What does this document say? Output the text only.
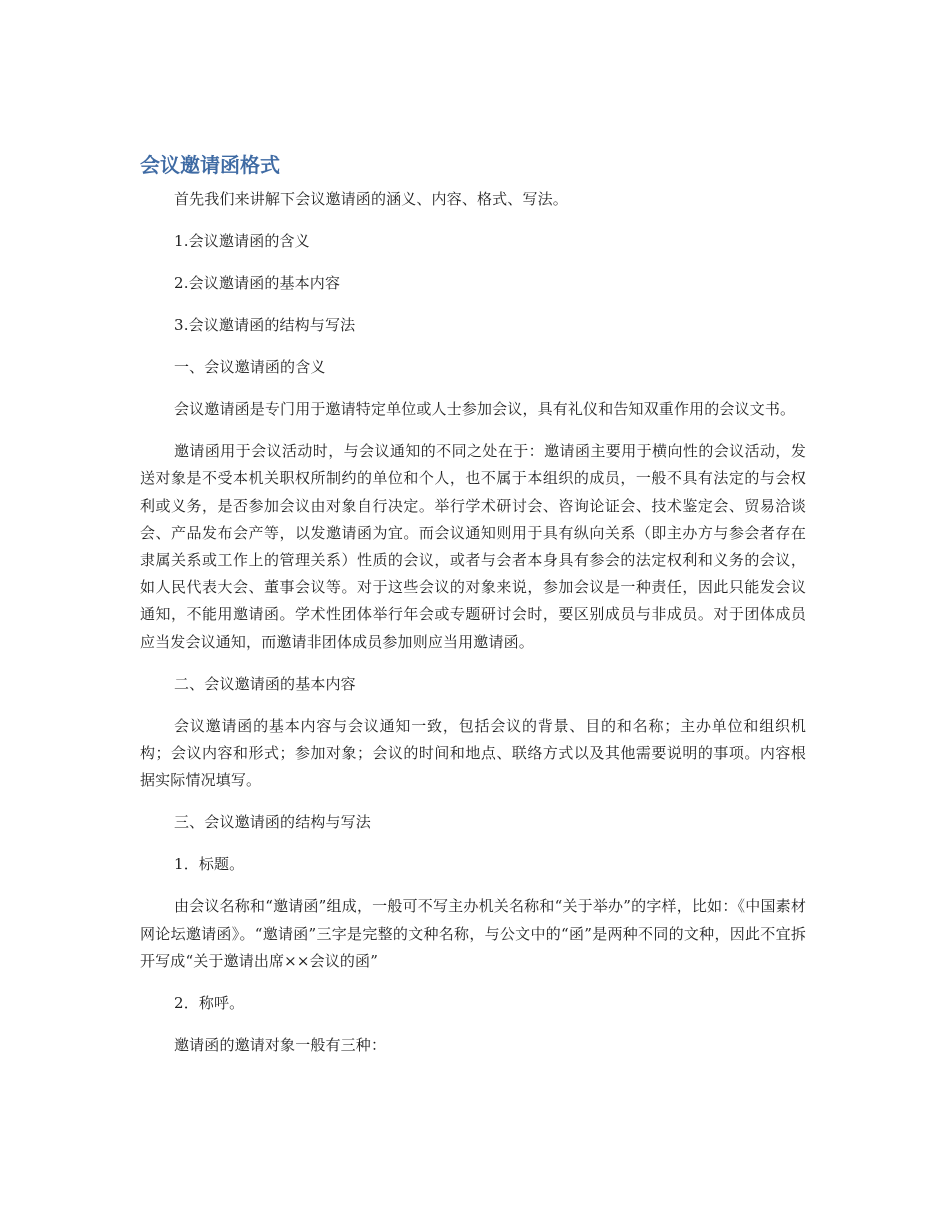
会议邀请函格式

首先我们来讲解下会议邀请函的涵义、内容、格式、写法。

1.会议邀请函的含义

2.会议邀请函的基本内容

3.会议邀请函的结构与写法

一、会议邀请函的含义

会议邀请函是专门用于邀请特定单位或人士参加会议，具有礼仪和告知双重作用的会议文书。

邀请函用于会议活动时，与会议通知的不同之处在于：邀请函主要用于横向性的会议活动，发送对象是不受本机关职权所制约的单位和个人，也不属于本组织的成员，一般不具有法定的与会权利或义务，是否参加会议由对象自行决定。举行学术研讨会、咨询论证会、技术鉴定会、贸易洽谈会、产品发布会产等，以发邀请函为宜。而会议通知则用于具有纵向关系（即主办方与参会者存在隶属关系或工作上的管理关系）性质的会议，或者与会者本身具有参会的法定权利和义务的会议，如人民代表大会、董事会议等。对于这些会议的对象来说，参加会议是一种责任，因此只能发会议通知，不能用邀请函。学术性团体举行年会或专题研讨会时，要区别成员与非成员。对于团体成员应当发会议通知，而邀请非团体成员参加则应当用邀请函。

二、会议邀请函的基本内容

会议邀请函的基本内容与会议通知一致，包括会议的背景、目的和名称；主办单位和组织机构；会议内容和形式；参加对象；会议的时间和地点、联络方式以及其他需要说明的事项。内容根据实际情况填写。

三、会议邀请函的结构与写法

1．标题。

由会议名称和“邀请函”组成，一般可不写主办机关名称和“关于举办”的字样，比如：《中国素材网论坛邀请函》。“邀请函”三字是完整的文种名称，与公文中的“函”是两种不同的文种，因此不宜拆开写成“关于邀请出席××会议的函”

2．称呼。

邀请函的邀请对象一般有三种：
